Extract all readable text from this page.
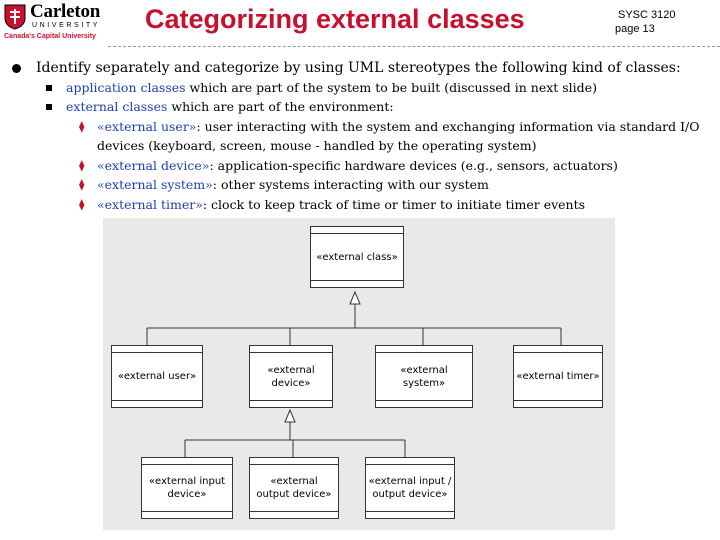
Carleton
UNIVERSITY
Canada's Capital University
Categorizing external classes	SYSC 3120
page 13
Identify separately and categorize by using UML stereotypes the following kind of classes:
application classes which are part of the system to be built (discussed in next slide)
external classes which are part of the environment:
⧫ «external user»: user interacting with the system and exchanging information via standard I/O
devices (keyboard, screen, mouse - handled by the operating system)
⧫ «external device»: application-specific hardware devices (e.g., sensors, actuators)
⧫ «external system»: other systems interacting with our system
⧫ «external timer»: clock to keep track of time or timer to initiate timer events
«external class»
«external user»
«external device»
«external system»
«external timer»
«external input device»
«external output device»
«external input / output device»
